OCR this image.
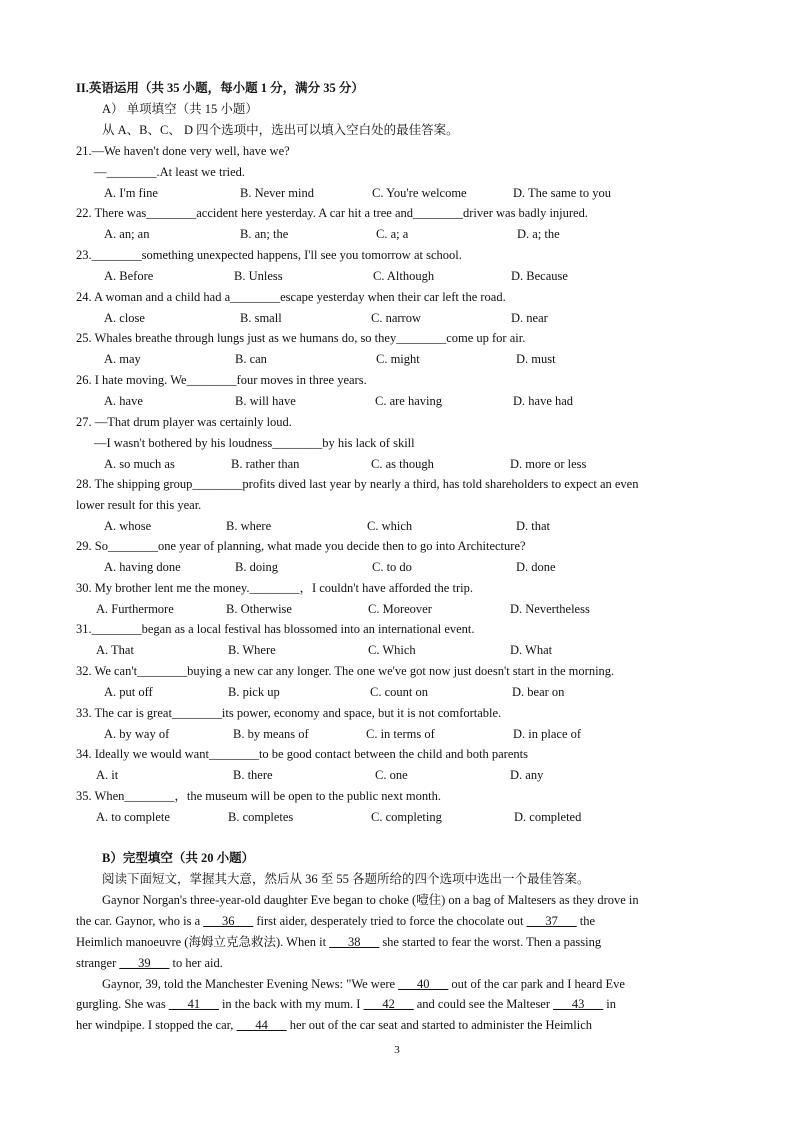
II.英语运用（共 35 小题，每小题 1 分，满分 35 分）
A） 单项填空（共 15 小题）
从 A、B、C、 D 四个选项中，选出可以填入空白处的最佳答案。
21.—We haven't done very well, have we?
—________.At least we tried.
A. I'm fine	B. Never mind	C. You're welcome	D. The same to you
22. There was________accident here yesterday. A car hit a tree and________driver was badly injured.
A. an; an	B. an; the	C. a; a	D. a; the
23.________something unexpected happens, I'll see you tomorrow at school.
A. Before	B. Unless	C. Although	D. Because
24. A woman and a child had a________escape yesterday when their car left the road.
A. close	B. small	C. narrow	D. near
25. Whales breathe through lungs just as we humans do, so they________come up for air.
A. may	B. can	C. might	D. must
26. I hate moving. We________four moves in three years.
A. have	B. will have	C. are having	D. have had
27. —That drum player was certainly loud.
—I wasn't bothered by his loudness________by his lack of skill
A. so much as	B. rather than	C. as though	D. more or less
28. The shipping group________profits dived last year by nearly a third, has told shareholders to expect an even
lower result for this year.
A. whose	B. where	C. which	D. that
29. So________one year of planning, what made you decide then to go into Architecture?
A. having done	B. doing	C. to do	D. done
30. My brother lent me the money.________，I couldn't have afforded the trip.
A. Furthermore	B. Otherwise	C. Moreover	D. Nevertheless
31.________began as a local festival has blossomed into an international event.
A. That	B. Where	C. Which	D. What
32. We can't________buying a new car any longer. The one we've got now just doesn't start in the morning.
A. put off	B. pick up	C. count on	D. bear on
33. The car is great________its power, economy and space, but it is not comfortable.
A. by way of	B. by means of	C. in terms of	D. in place of
34. Ideally we would want________to be good contact between the child and both parents
A. it	B. there	C. one	D. any
35. When________，the museum will be open to the public next month.
A. to complete	B. completes	C. completing	D. completed
B）完型填空（共 20 小题）
阅读下面短文，掌握其大意，然后从 36 至 55 各题所给的四个选项中选出一个最佳答案。
Gaynor Norgan's three-year-old daughter Eve began to choke (噎住) on a bag of Maltesers as they drove in
the car. Gaynor, who is a ___36___ first aider, desperately tried to force the chocolate out ___37___ the
Heimlich manoeuvre (海姆立克急救法). When it ___38___ she started to fear the worst. Then a passing
stranger ___39___ to her aid.
Gaynor, 39, told the Manchester Evening News: "We were ___40___ out of the car park and I heard Eve
gurgling. She was ___41___ in the back with my mum. I ___42___ and could see the Malteser ___43___ in
her windpipe. I stopped the car, ___44___ her out of the car seat and started to administer the Heimlich
3
